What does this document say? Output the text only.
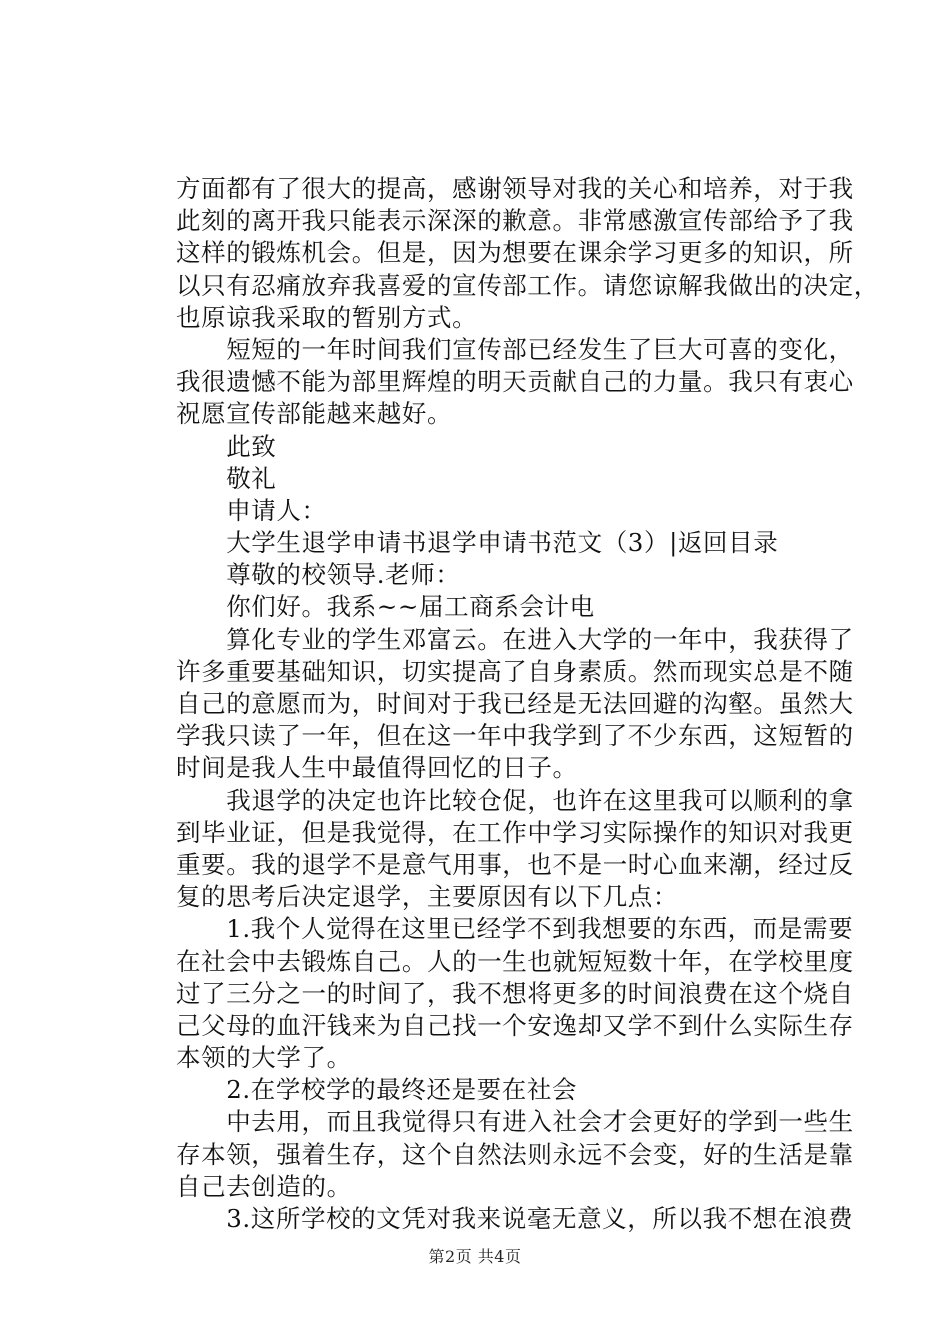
方面都有了很大的提高，感谢领导对我的关心和培养，对于我
此刻的离开我只能表示深深的歉意。非常感激宣传部给予了我
这样的锻炼机会。但是，因为想要在课余学习更多的知识，所
以只有忍痛放弃我喜爱的宣传部工作。请您谅解我做出的决定，
也原谅我采取的暂别方式。
　　短短的一年时间我们宣传部已经发生了巨大可喜的变化，
我很遗憾不能为部里辉煌的明天贡献自己的力量。我只有衷心
祝愿宣传部能越来越好。
　　此致
　　敬礼
　　申请人：
　　大学生退学申请书退学申请书范文（3）|返回目录
　　尊敬的校领导.老师：
　　你们好。我系~~届工商系会计电
　　算化专业的学生邓富云。在进入大学的一年中，我获得了
许多重要基础知识，切实提高了自身素质。然而现实总是不随
自己的意愿而为，时间对于我已经是无法回避的沟壑。虽然大
学我只读了一年，但在这一年中我学到了不少东西，这短暂的
时间是我人生中最值得回忆的日子。
　　我退学的决定也许比较仓促，也许在这里我可以顺利的拿
到毕业证，但是我觉得，在工作中学习实际操作的知识对我更
重要。我的退学不是意气用事，也不是一时心血来潮，经过反
复的思考后决定退学，主要原因有以下几点：
　　1.我个人觉得在这里已经学不到我想要的东西，而是需要
在社会中去锻炼自己。人的一生也就短短数十年，在学校里度
过了三分之一的时间了，我不想将更多的时间浪费在这个烧自
己父母的血汗钱来为自己找一个安逸却又学不到什么实际生存
本领的大学了。
　　2.在学校学的最终还是要在社会
　　中去用，而且我觉得只有进入社会才会更好的学到一些生
存本领，强着生存，这个自然法则永远不会变，好的生活是靠
自己去创造的。
　　3.这所学校的文凭对我来说毫无意义，所以我不想在浪费
第2页 共4页
